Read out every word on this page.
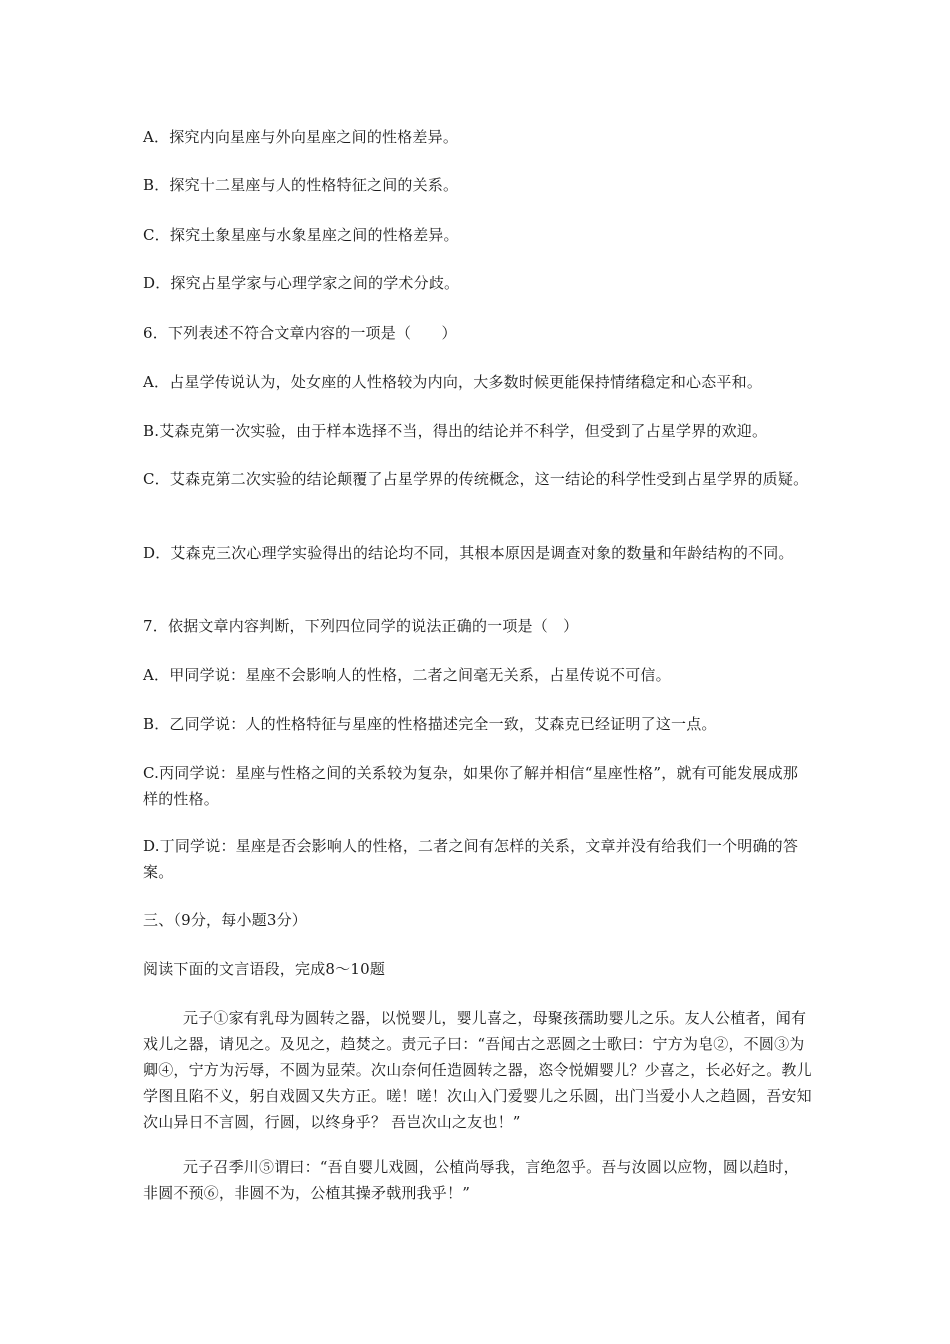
A．探究内向星座与外向星座之间的性格差异。
B．探究十二星座与人的性格特征之间的关系。
C．探究土象星座与水象星座之间的性格差异。
D．探究占星学家与心理学家之间的学术分歧。
6．下列表述不符合文章内容的一项是（　　）
A．占星学传说认为，处女座的人性格较为内向，大多数时候更能保持情绪稳定和心态平和。
B.艾森克第一次实验，由于样本选择不当，得出的结论并不科学，但受到了占星学界的欢迎。
C．艾森克第二次实验的结论颠覆了占星学界的传统概念，这一结论的科学性受到占星学界的质疑。
D．艾森克三次心理学实验得出的结论均不同，其根本原因是调查对象的数量和年龄结构的不同。
7．依据文章内容判断，下列四位同学的说法正确的一项是（　）
A．甲同学说：星座不会影响人的性格，二者之间毫无关系，占星传说不可信。
B．乙同学说：人的性格特征与星座的性格描述完全一致，艾森克已经证明了这一点。
C.丙同学说：星座与性格之间的关系较为复杂，如果你了解并相信“星座性格”，就有可能发展成那样的性格。
D.丁同学说：星座是否会影响人的性格，二者之间有怎样的关系，文章并没有给我们一个明确的答案。
三、（9分，每小题3分）
阅读下面的文言语段，完成8～10题
元子①家有乳母为圆转之器，以悦婴儿，婴儿喜之，母聚孩孺助婴儿之乐。友人公植者，闻有戏儿之器，请见之。及见之，趋焚之。责元子曰：“吾闻古之恶圆之士歌曰：宁方为皂②，不圆③为卿④，宁方为污辱，不圆为显荣。次山奈何任造圆转之器，恣令悦媚婴儿？少喜之，长必好之。教儿学图且陷不义，躬自戏圆又失方正。嗟！嗟！次山入门爱婴儿之乐圆，出门当爱小人之趋圆，吾安知次山异日不言圆，行圆，以终身乎？ 吾岂次山之友也！”
元子召季川⑤谓曰：“吾自婴儿戏圆，公植尚辱我，言绝忽乎。吾与汝圆以应物，圆以趋时，非圆不预⑥，非圆不为，公植其操矛戟刑我乎！”
